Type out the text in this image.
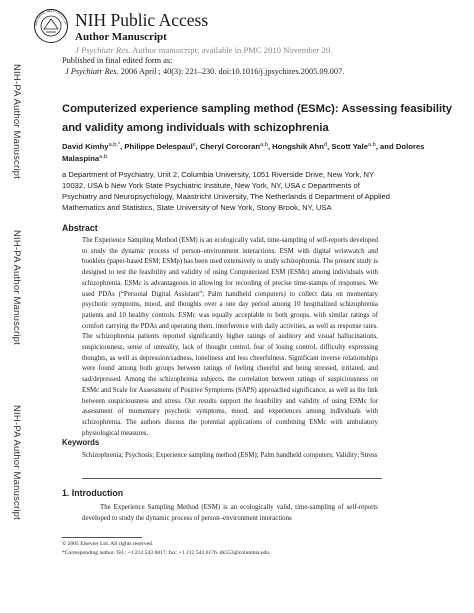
NIH-PA Author Manuscript
NIH-PA Author Manuscript
NIH-PA Author Manuscript
NATIONAL INSTITUTES OF NIH Public Access
Author Manuscript
J Psychiatr Res. Author manuscript; available in PMC 2010 November 29.
Published in final edited form as:
J Psychiatr Res. 2006 April ; 40(3): 221–230. doi:10.1016/j.jpsychires.2005.09.007.
Computerized experience sampling method (ESMc): Assessing feasibility and validity among individuals with schizophrenia
David Kimhy$^{a,b,*}$, Philippe Delespaul$^c$, Cheryl Corcoran$^{a,b}$, Hongshik Ahn$^d$, Scott Yale$^{a,b}$, and Dolores Malaspina$^{a,b}$
a Department of Psychiatry, Unit 2, Columbia University, 1051 Riverside Drive, New York, NY 10032, USA b New York State Psychiatric Institute, New York, NY, USA c Departments of Psychiatry and Neuropsychology, Maastricht University, The Netherlands d Department of Applied Mathematics and Statistics, State University of New York, Stony Brook, NY, USA
Abstract
The Experience Sampling Method (ESM) is an ecologically valid, time-sampling of self-reports developed to study the dynamic process of person–environment interactions. ESM with digital wristwatch and booklets (paper-based ESM; ESMp) has been used extensively to study schizophrenia. The present study is designed to test the feasibility and validity of using Computerized ESM (ESMc) among individuals with schizophrenia. ESMc is advantageous in allowing for recording of precise time-stamps of responses. We used PDAs (“Personal Digital Assistant”; Palm handheld computers) to collect data on momentary psychotic symptoms, mood, and thoughts over a one day period among 10 hospitalized schizophrenia patients and 10 healthy controls. ESMc was equally acceptable to both groups, with similar ratings of comfort carrying the PDAs and operating them, interference with daily activities, as well as response rates. The schizophrenia patients reported significantly higher ratings of auditory and visual hallucinations, suspiciousness, sense of unreality, lack of thought control, fear of losing control, difficulty expressing thoughts, as well as depression/sadness, loneliness and less cheerfulness. Significant inverse relationships were found among both groups between ratings of feeling cheerful and being stressed, irritated, and sad/depressed. Among the schizophrenia subjects, the correlation between ratings of suspiciousness on ESMc and Scale for Assessment of Positive Symptoms (SAPS) approached significance, as well as the link between suspiciousness and stress. Our results support the feasibility and validity of using ESMc for assessment of momentary psychotic symptoms, mood, and experiences among individuals with schizophrenia. The authors discuss the potential applications of combining ESMc with ambulatory physiological measures.
Keywords
Schizophrenia; Psychosis; Experience sampling method (ESM); Palm handheld computers; Validity; Stress
1. Introduction
The Experience Sampling Method (ESM) is an ecologically valid, time-sampling of self-reports developed to study the dynamic process of person–environment interactions
© 2005 Elsevier Ltd. All rights reserved.
*Corresponding author. Tel.: +1 212 543 6817; fax: +1 212 543 6176. dk553@columbia.edu.
